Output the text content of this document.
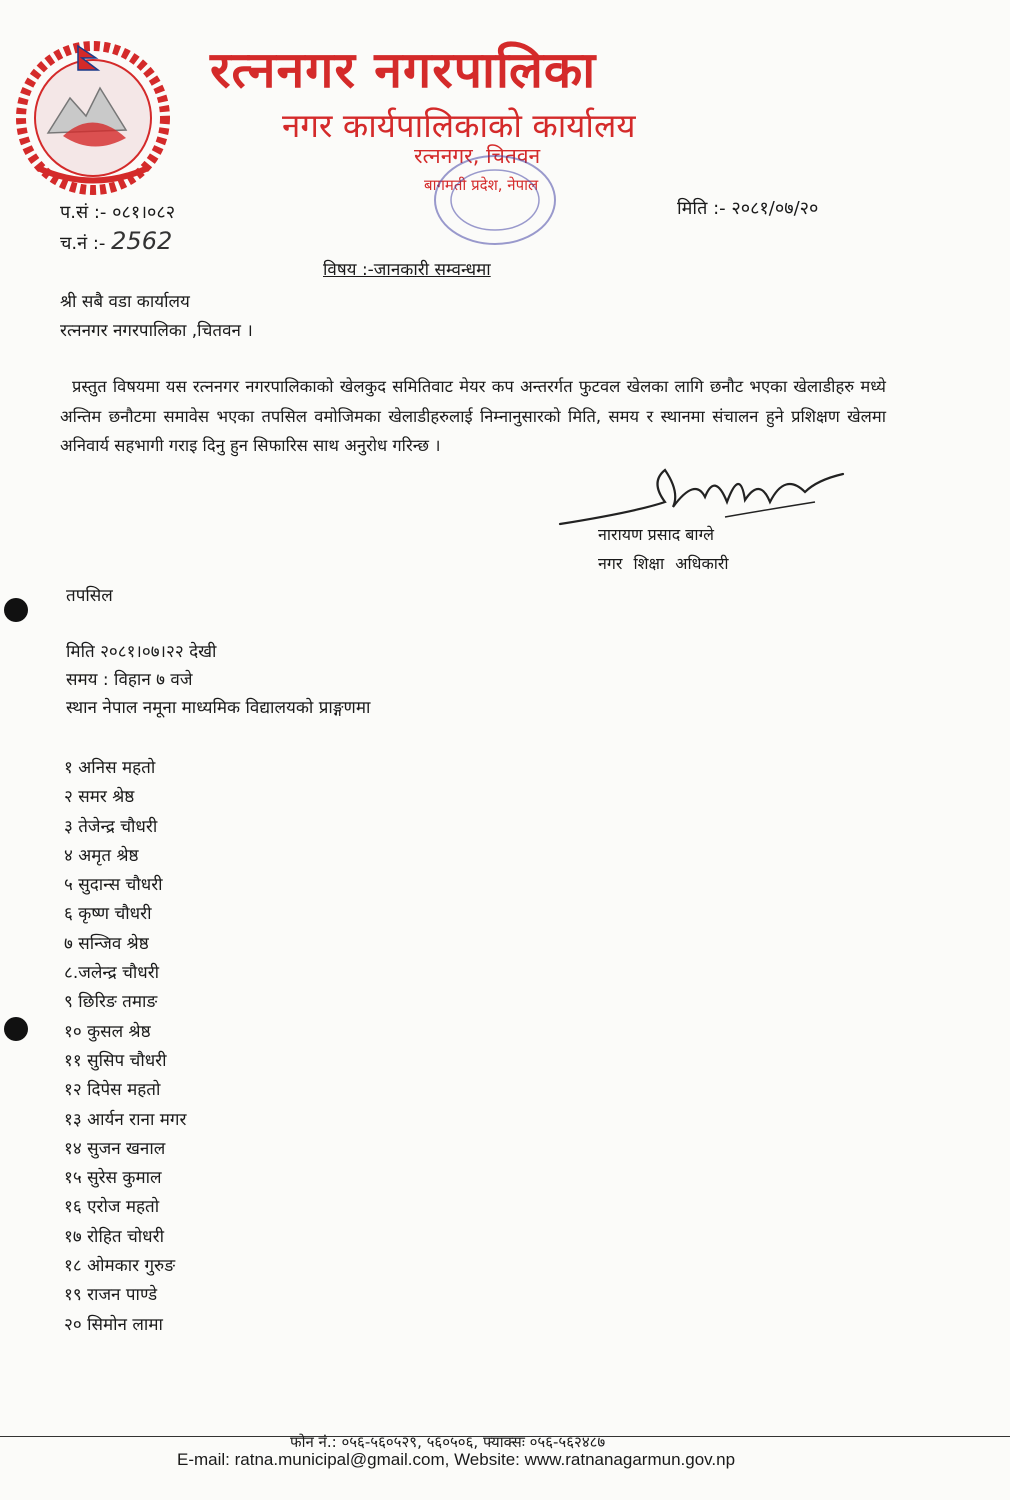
रत्ननगर नगरपालिका
नगर कार्यपालिकाको कार्यालय
रत्ननगर, चितवन
बागमती प्रदेश, नेपाल
प.सं :- ०८१।०८२
च.नं :- 2562
मिति :- २०८१/०७/२०
विषय :-जानकारी सम्वन्धमा
श्री सबै वडा कार्यालय
रत्ननगर नगरपालिका ,चितवन ।
प्रस्तुत विषयमा यस रत्ननगर नगरपालिकाको खेलकुद समितिवाट मेयर कप अन्तरर्गत फुटवल खेलका लागि छनौट भएका खेलाडीहरु मध्ये अन्तिम छनौटमा समावेस भएका तपसिल वमोजिमका खेलाडीहरुलाई निम्नानुसारको मिति, समय र स्थानमा संचालन हुने प्रशिक्षण खेलमा अनिवार्य सहभागी गराइ दिनु हुन सिफारिस साथ अनुरोध गरिन्छ ।
नारायण प्रसाद बाग्ले
नगर शिक्षा अधिकारी
तपसिल
मिति २०८१।०७।२२ देखी
समय : विहान ७ वजे
स्थान नेपाल नमूना माध्यमिक विद्यालयको प्राङ्गणमा
१ अनिस महतो
२ समर श्रेष्ठ
३ तेजेन्द्र चौधरी
४ अमृत श्रेष्ठ
५ सुदान्स चौधरी
६ कृष्ण चौधरी
७ सन्जिव श्रेष्ठ
८.जलेन्द्र चौधरी
९ छिरिङ तमाङ
१० कुसल श्रेष्ठ
११ सुसिप चौधरी
१२ दिपेस महतो
१३ आर्यन राना मगर
१४ सुजन खनाल
१५ सुरेस कुमाल
१६ एरोज महतो
१७ रोहित चोधरी
१८ ओमकार गुरुङ
१९ राजन पाण्डे
२० सिमोन लामा
फोन नं.: ०५६-५६०५२९, ५६०५०६, फ्याक्सः ०५६-५६२४८७
E-mail: ratna.municipal@gmail.com, Website: www.ratnanagarmun.gov.np
